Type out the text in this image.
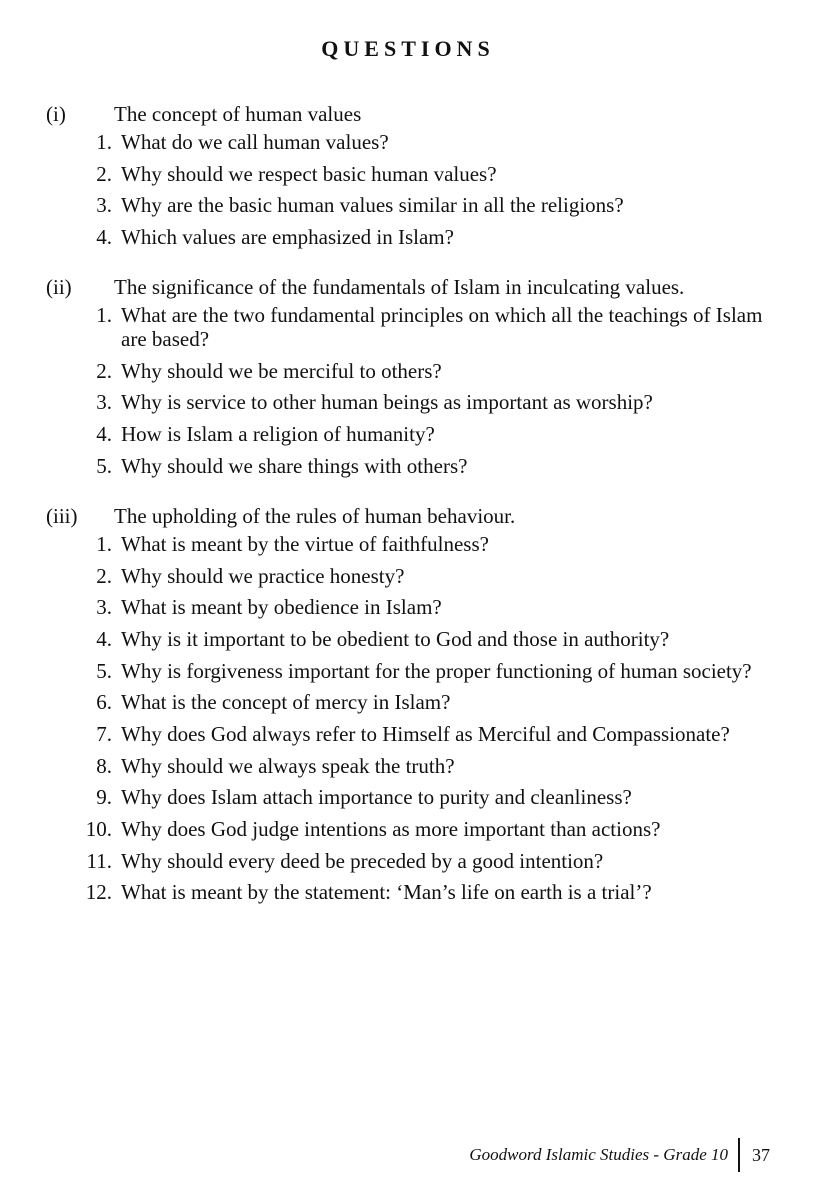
QUESTIONS
(i)	The concept of human values
1. What do we call human values?
2. Why should we respect basic human values?
3. Why are the basic human values similar in all the religions?
4. Which values are emphasized in Islam?
(ii)	The significance of the fundamentals of Islam in inculcating values.
1. What are the two fundamental principles on which all the teachings of Islam are based?
2. Why should we be merciful to others?
3. Why is service to other human beings as important as worship?
4. How is Islam a religion of humanity?
5. Why should we share things with others?
(iii)	The upholding of the rules of human behaviour.
1. What is meant by the virtue of faithfulness?
2. Why should we practice honesty?
3. What is meant by obedience in Islam?
4. Why is it important to be obedient to God and those in authority?
5. Why is forgiveness important for the proper functioning of human society?
6. What is the concept of mercy in Islam?
7. Why does God always refer to Himself as Merciful and Compassionate?
8. Why should we always speak the truth?
9. Why does Islam attach importance to purity and cleanliness?
10. Why does God judge intentions as more important than actions?
11. Why should every deed be preceded by a good intention?
12. What is meant by the statement: ‘Man’s life on earth is a trial’?
Goodword Islamic Studies - Grade 10 37
